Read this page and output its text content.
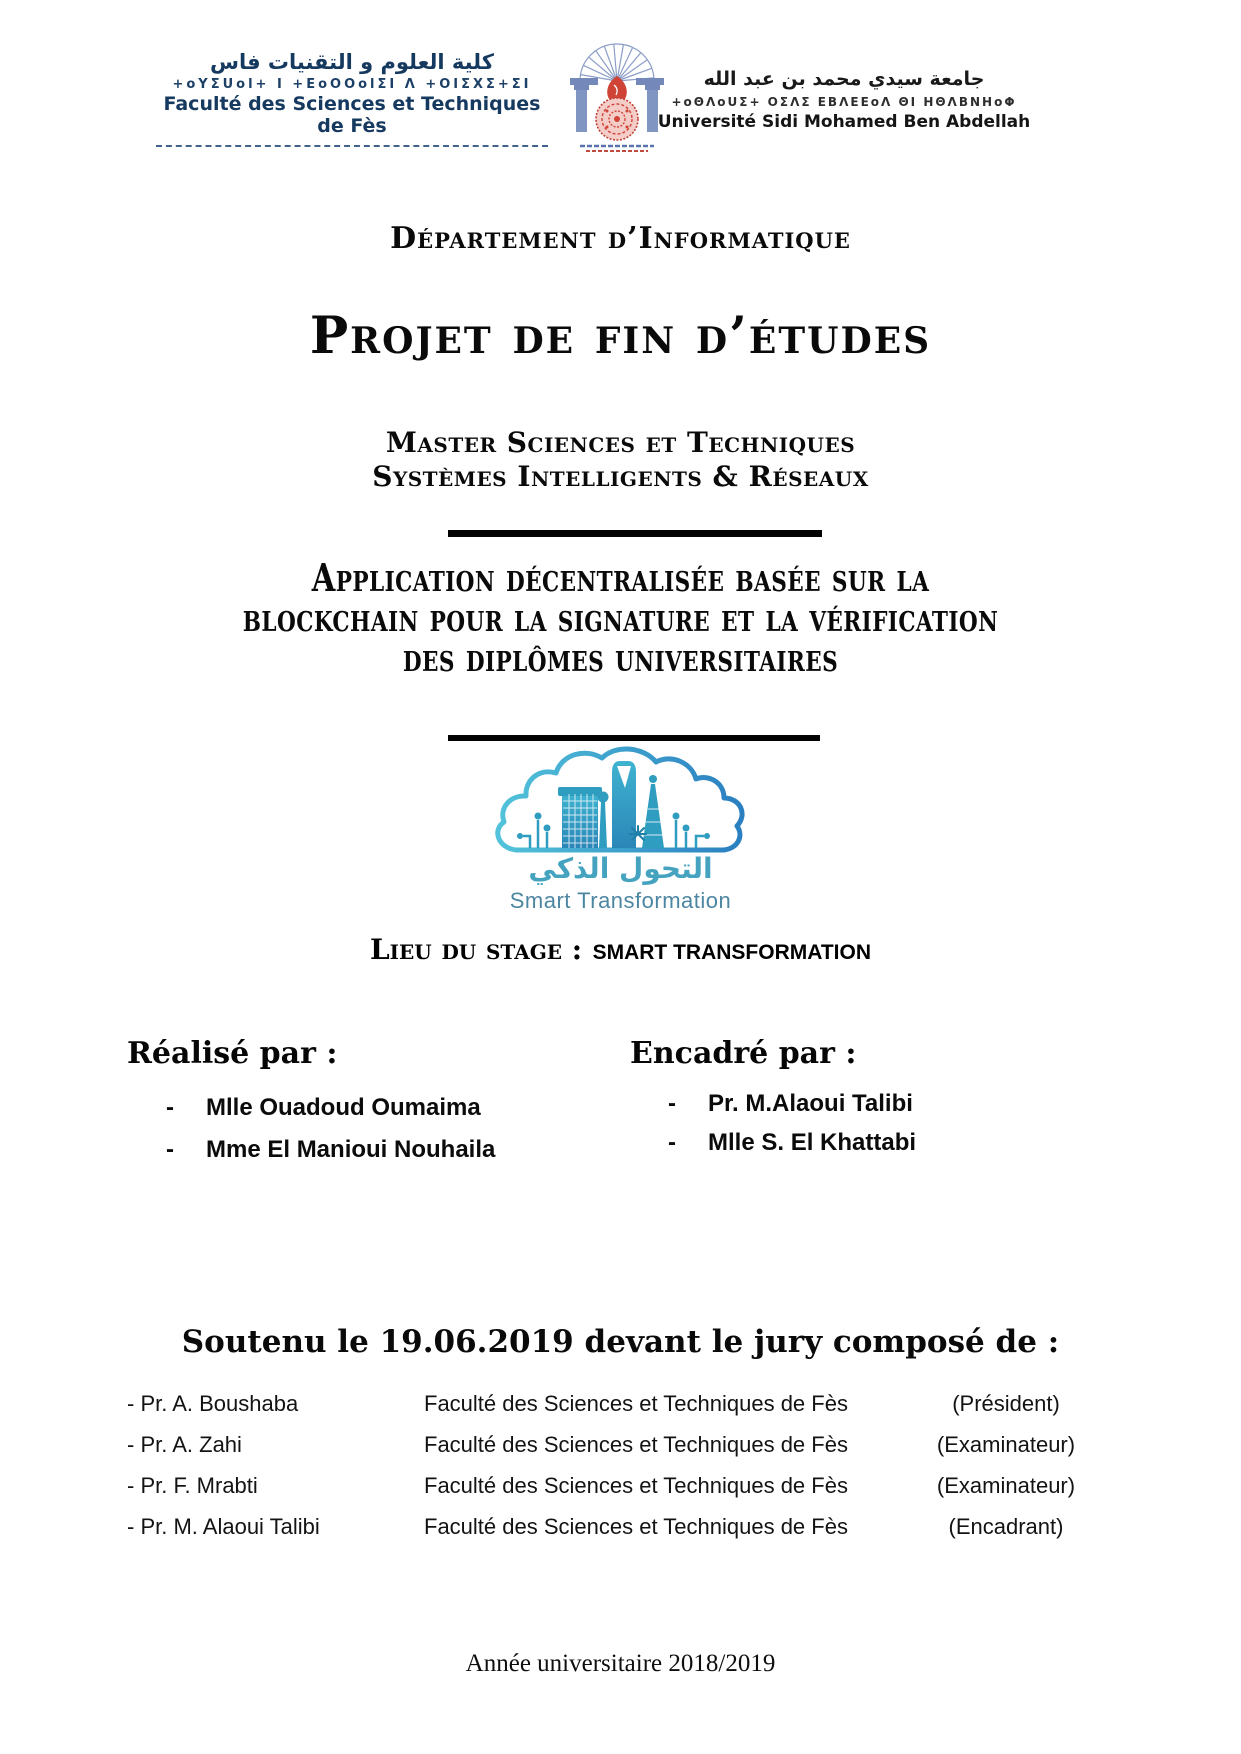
كلية العلوم و التقنيات فاس
+oΥΣUol+ Ι +ΕoΟΟolΣΙ Λ +ΟΙΣΧΣ+ΣΙ
Faculté des Sciences et Techniques de Fès
جامعة سيدي محمد بن عبد الله
+oΘΛoUΣ+ ΟΣΛΣ ΕΒΛΕΕoΛ ΘΙ ΗΘΛΒΝΗoΦ
Université Sidi Mohamed Ben Abdellah
Département d’Informatique
Projet de fin d’études
Master Sciences et Techniques
Systèmes Intelligents & Réseaux
Application décentralisée basée sur la
blockchain pour la signature et la vérification
des diplômes universitaires
التحول الذكي
Smart Transformation
Lieu du stage : SMART TRANSFORMATION
Réalisé par :
-	Mlle Ouadoud Oumaima
-	Mme El Manioui Nouhaila
Encadré par :
-	Pr. M.Alaoui Talibi
-	Mlle S. El Khattabi
Soutenu le 19.06.2019 devant le jury composé de :
- Pr. A. Boushaba	Faculté des Sciences et Techniques de Fès	(Président)
- Pr. A. Zahi	Faculté des Sciences et Techniques de Fès	(Examinateur)
- Pr. F. Mrabti	Faculté des Sciences et Techniques de Fès	(Examinateur)
- Pr. M. Alaoui Talibi	Faculté des Sciences et Techniques de Fès	(Encadrant)
Année universitaire 2018/2019
